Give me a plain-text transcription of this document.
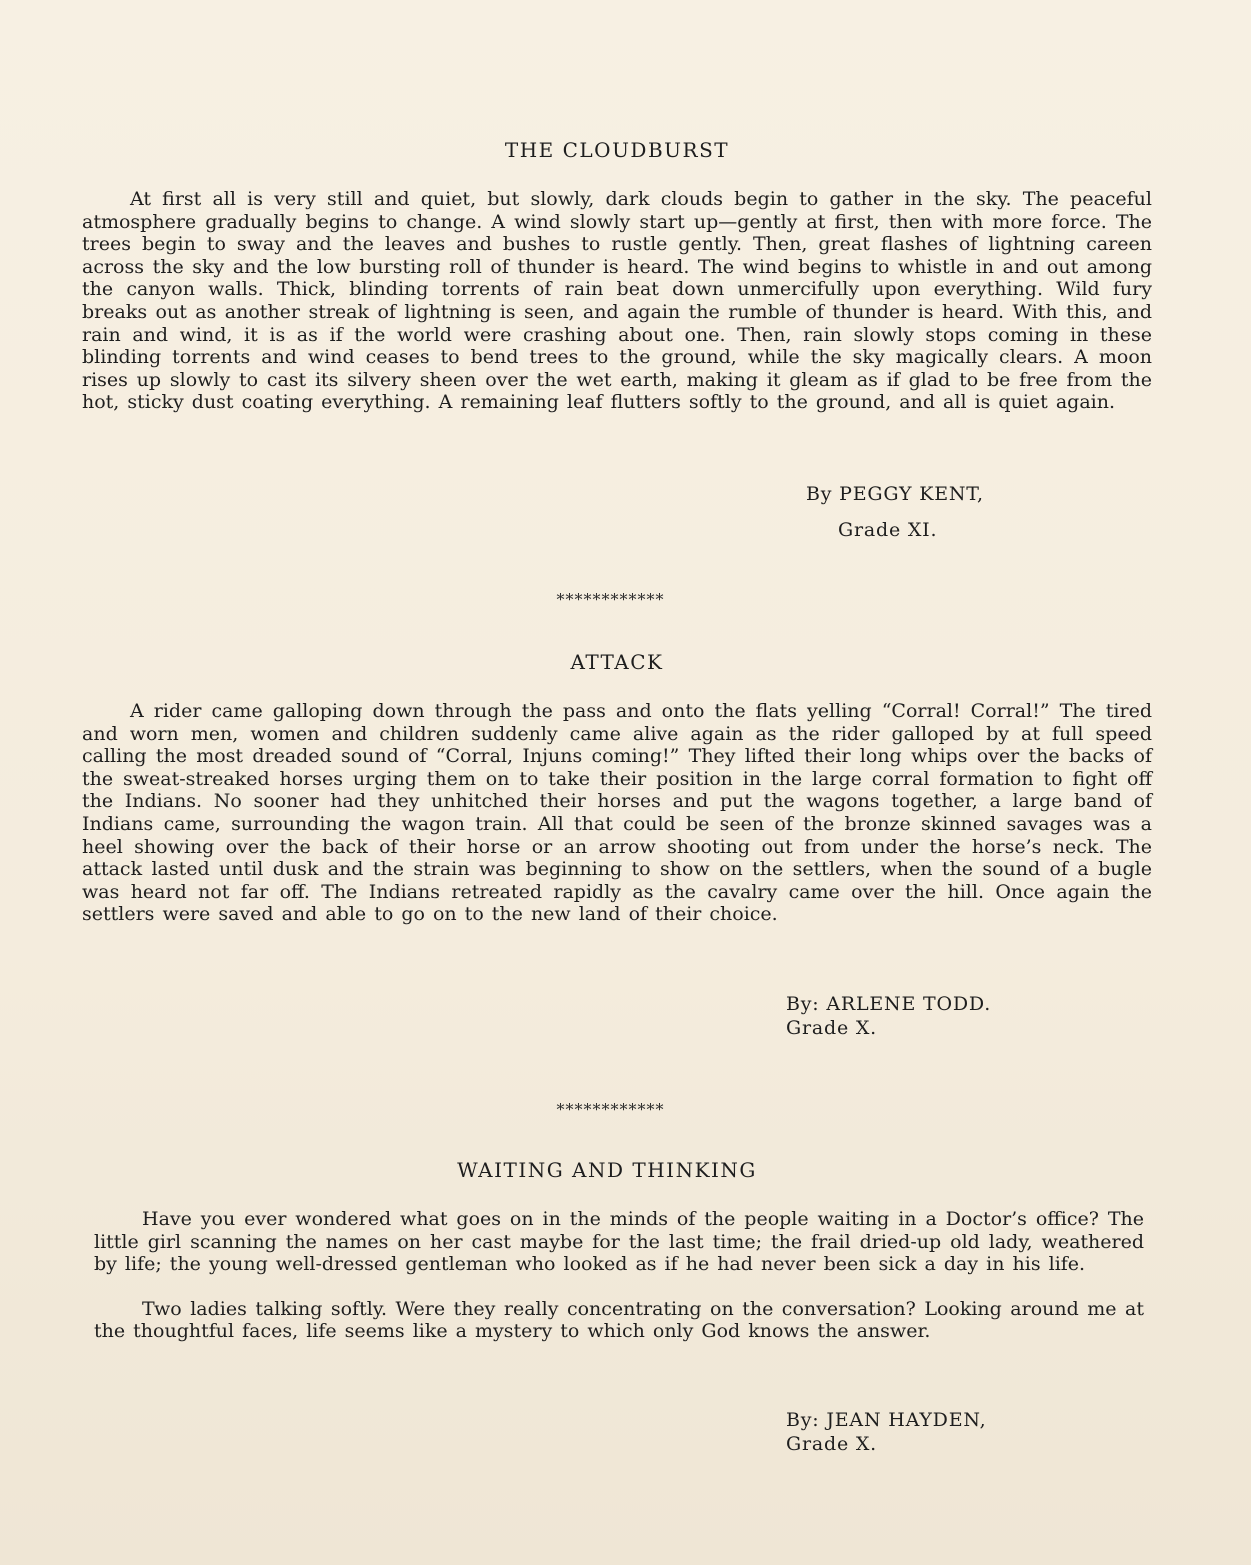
THE CLOUDBURST

At first all is very still and quiet, but slowly, dark clouds begin to gather in the sky. The peaceful atmosphere gradually begins to change. A wind slowly start up—gently at first, then with more force. The trees begin to sway and the leaves and bushes to rustle gently. Then, great flashes of lightning careen across the sky and the low bursting roll of thunder is heard. The wind begins to whistle in and out among the canyon walls. Thick, blinding torrents of rain beat down unmercifully upon everything. Wild fury breaks out as another streak of lightning is seen, and again the rumble of thunder is heard. With this, and rain and wind, it is as if the world were crashing about one. Then, rain slowly stops coming in these blinding torrents and wind ceases to bend trees to the ground, while the sky magically clears. A moon rises up slowly to cast its silvery sheen over the wet earth, making it gleam as if glad to be free from the hot, sticky dust coating everything. A remaining leaf flutters softly to the ground, and all is quiet again.

By PEGGY KENT,
Grade XI.
************
ATTACK

A rider came galloping down through the pass and onto the flats yelling “Corral! Corral!” The tired and worn men, women and children suddenly came alive again as the rider galloped by at full speed calling the most dreaded sound of “Corral, Injuns coming!” They lifted their long whips over the backs of the sweat-streaked horses urging them on to take their position in the large corral formation to fight off the Indians. No sooner had they unhitched their horses and put the wagons together, a large band of Indians came, surrounding the wagon train. All that could be seen of the bronze skinned savages was a heel showing over the back of their horse or an arrow shooting out from under the horse’s neck. The attack lasted until dusk and the strain was beginning to show on the settlers, when the sound of a bugle was heard not far off. The Indians retreated rapidly as the cavalry came over the hill. Once again the settlers were saved and able to go on to the new land of their choice.

By: ARLENE TODD.
Grade X.
************
WAITING AND THINKING

Have you ever wondered what goes on in the minds of the people waiting in a Doctor’s office? The little girl scanning the names on her cast maybe for the last time; the frail dried-up old lady, weathered by life; the young well-dressed gentleman who looked as if he had never been sick a day in his life.

Two ladies talking softly. Were they really concentrating on the conversation? Looking around me at the thoughtful faces, life seems like a mystery to which only God knows the answer.

By: JEAN HAYDEN,
Grade X.
